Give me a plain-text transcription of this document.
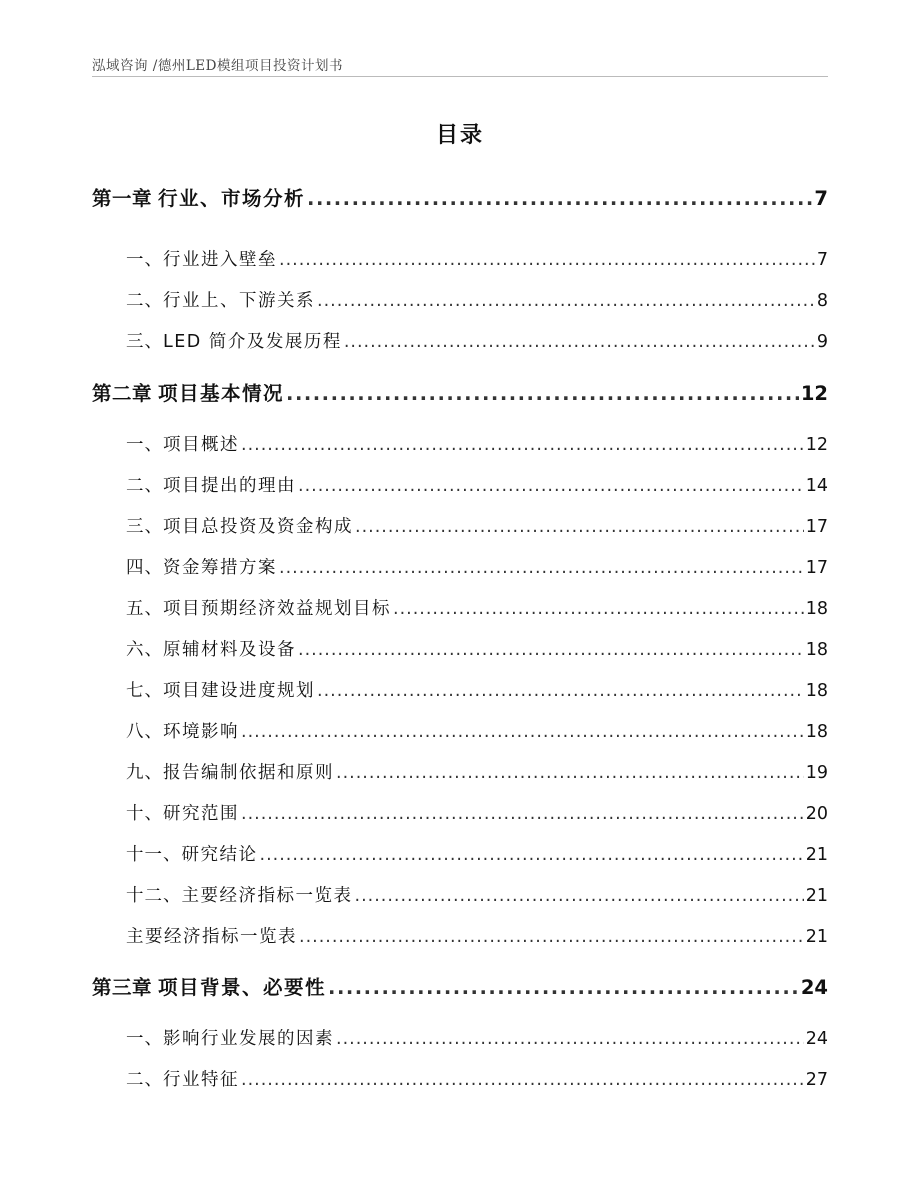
泓域咨询 /德州LED模组项目投资计划书
目录
第一章 行业、市场分析 .....	7
一、 行业进入壁垒 .....	7
二、 行业上、下游关系 .....	8
三、 LED 简介及发展历程 .....	9
第二章 项目基本情况 .....	12
一、 项目概述 .....	12
二、 项目提出的理由 .....	14
三、 项目总投资及资金构成 .....	17
四、 资金筹措方案 .....	17
五、 项目预期经济效益规划目标 .....	18
六、 原辅材料及设备 .....	18
七、 项目建设进度规划 .....	18
八、 环境影响 .....	18
九、 报告编制依据和原则 .....	19
十、 研究范围 .....	20
十一、 研究结论 .....	21
十二、 主要经济指标一览表 .....	21
主要经济指标一览表 .....	21
第三章 项目背景、必要性 .....	24
一、 影响行业发展的因素 .....	24
二、 行业特征 .....	27
